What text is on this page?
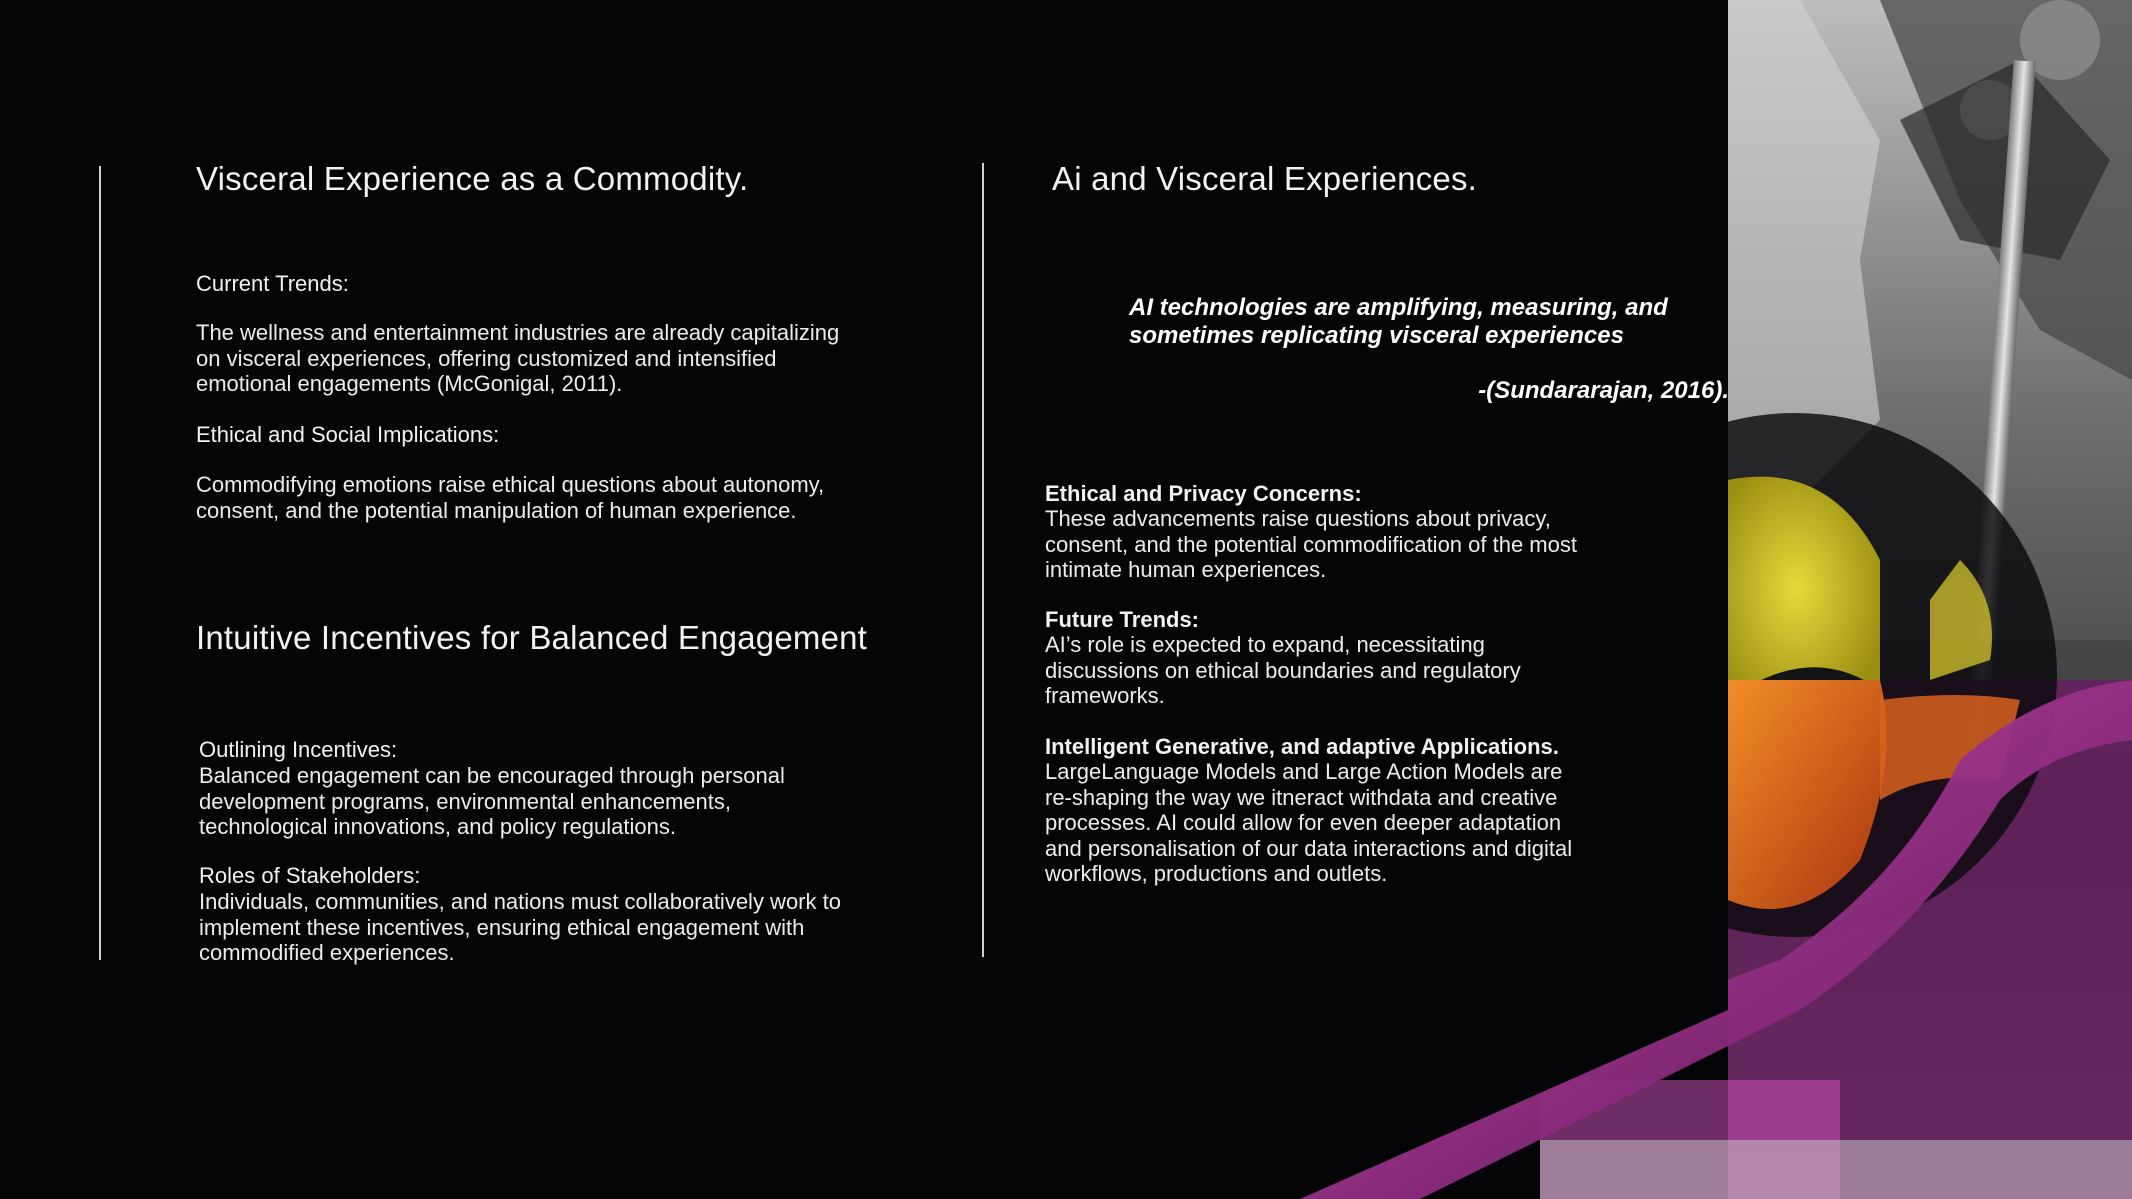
Visceral Experience as a Commodity.
Current Trends:
The wellness and entertainment industries are already capitalizing on visceral experiences, offering customized and intensified emotional engagements (McGonigal, 2011).
Ethical and Social Implications:
Commodifying emotions raise ethical questions about autonomy, consent, and the potential manipulation of human experience.
Intuitive Incentives for Balanced Engagement
Outlining Incentives:
Balanced engagement can be encouraged through personal development programs, environmental enhancements, technological innovations, and policy regulations.
Roles of Stakeholders:
Individuals, communities, and nations must collaboratively work to implement these incentives, ensuring ethical engagement with commodified experiences.
Ai and Visceral Experiences.
AI technologies are amplifying, measuring, and sometimes replicating visceral experiences
-(Sundararajan, 2016).
Ethical and Privacy Concerns:
These advancements raise questions about privacy, consent, and the potential commodification of the most intimate human experiences.
Future Trends:
AI’s role is expected to expand, necessitating discussions on ethical boundaries and regulatory frameworks.
Intelligent Generative, and adaptive Applications.
LargeLanguage Models and Large Action Models are re-shaping the way we itneract withdata and creative processes. AI could allow for even deeper adaptation and personalisation of our data interactions and digital workflows, productions and outlets.
